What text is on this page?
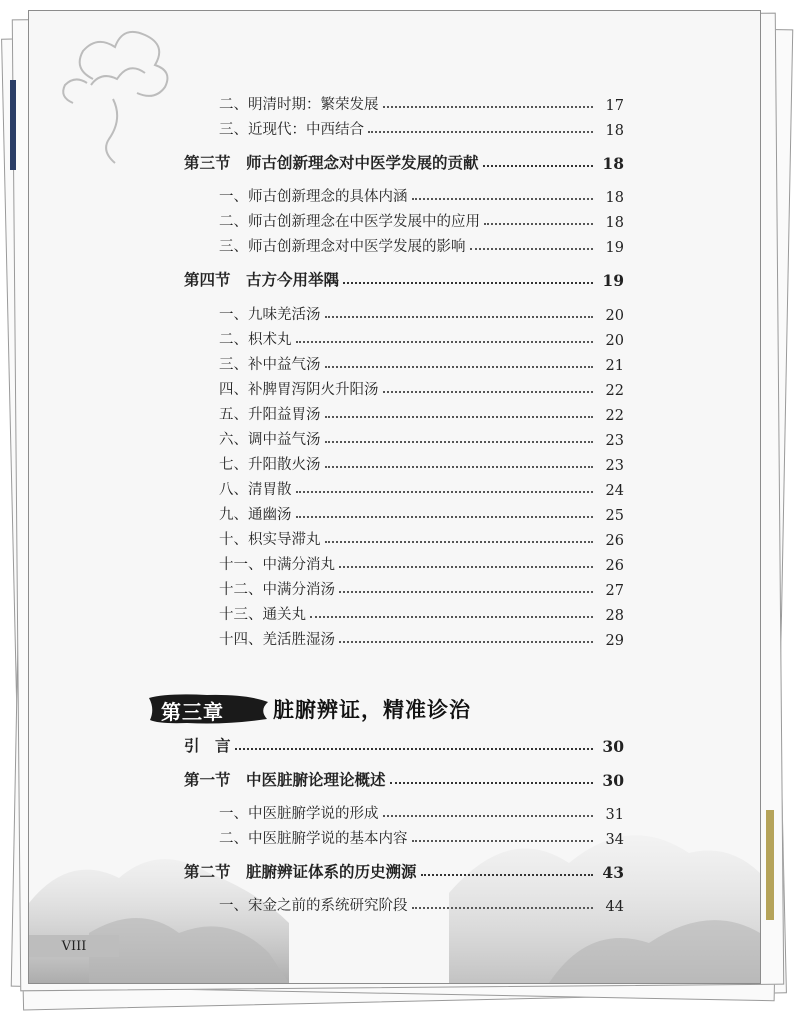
二、明清时期：繁荣发展	17
三、近现代：中西结合	18
第三节　师古创新理念对中医学发展的贡献	18
一、师古创新理念的具体内涵	18
二、师古创新理念在中医学发展中的应用	18
三、师古创新理念对中医学发展的影响	19
第四节　古方今用举隅	19
一、九味羌活汤	20
二、枳术丸	20
三、补中益气汤	21
四、补脾胃泻阴火升阳汤	22
五、升阳益胃汤	22
六、调中益气汤	23
七、升阳散火汤	23
八、清胃散	24
九、通幽汤	25
十、枳实导滞丸	26
十一、中满分消丸	26
十二、中满分消汤	27
十三、通关丸	28
十四、羌活胜湿汤	29
第三章 脏腑辨证，精准诊治
引　言	30
第一节　中医脏腑论理论概述	30
一、中医脏腑学说的形成	31
二、中医脏腑学说的基本内容	34
第二节　脏腑辨证体系的历史溯源	43
一、宋金之前的系统研究阶段	44
VIII
